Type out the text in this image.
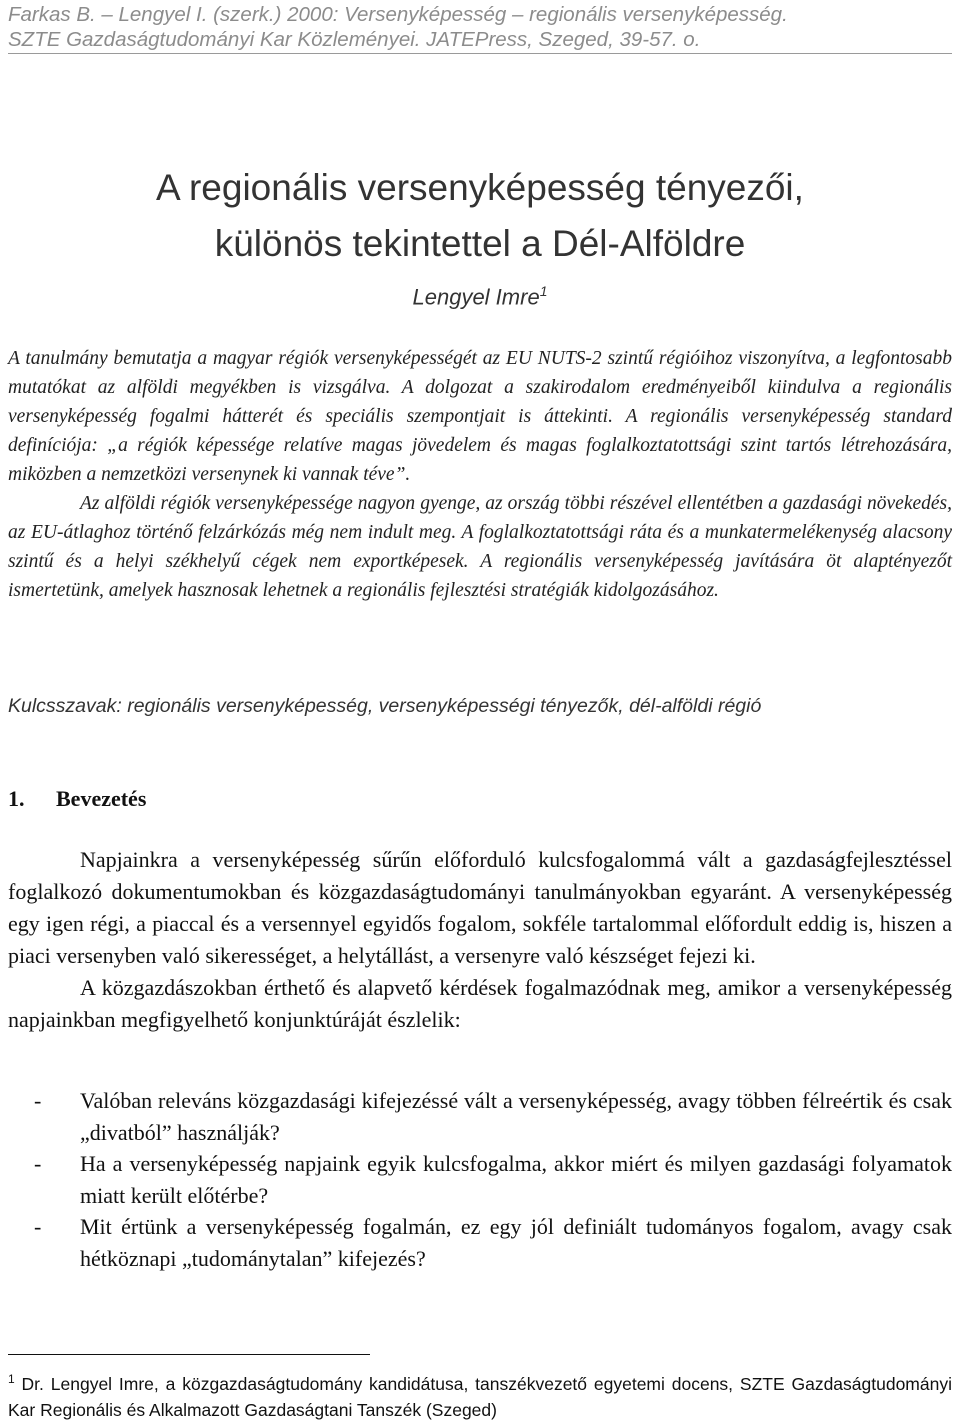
Farkas B. – Lengyel I. (szerk.) 2000: Versenyképesség – regionális versenyképesség.
SZTE Gazdaságtudományi Kar Közleményei. JATEPress, Szeged, 39-57. o.
A regionális versenyképesség tényezői,
különös tekintettel a Dél-Alföldre
Lengyel Imre$^1$

A tanulmány bemutatja a magyar régiók versenyképességét az EU NUTS-2 szintű régióihoz viszonyítva, a legfontosabb mutatókat az alföldi megyékben is vizsgálva. A dolgozat a szakirodalom eredményeiből kiindulva a regionális versenyképesség fogalmi hátterét és speciális szempontjait is áttekinti. A regionális versenyképesség standard definíciója: „a régiók képessége relatíve magas jövedelem és magas foglalkoztatottsági szint tartós létrehozására, miközben a nemzetközi versenynek ki vannak téve”.

Az alföldi régiók versenyképessége nagyon gyenge, az ország többi részével ellentétben a gazdasági növekedés, az EU-átlaghoz történő felzárkózás még nem indult meg. A foglalkoztatottsági ráta és a munkatermelékenység alacsony szintű és a helyi székhelyű cégek nem exportképesek. A regionális versenyképesség javítására öt alaptényezőt ismertetünk, amelyek hasznosak lehetnek a regionális fejlesztési stratégiák kidolgozásához.

Kulcsszavak: regionális versenyképesség, versenyképességi tényezők, dél-alföldi régió
1. Bevezetés

Napjainkra a versenyképesség sűrűn előforduló kulcsfogalommá vált a gazdaságfejlesztéssel foglalkozó dokumentumokban és közgazdaságtudományi tanulmányokban egyaránt. A versenyképesség egy igen régi, a piaccal és a versennyel egyidős fogalom, sokféle tartalommal előfordult eddig is, hiszen a piaci versenyben való sikerességet, a helytállást, a versenyre való készséget fejezi ki.

A közgazdászokban érthető és alapvető kérdések fogalmazódnak meg, amikor a versenyképesség napjainkban megfigyelhető konjunktúráját észlelik:

- Valóban releváns közgazdasági kifejezéssé vált a versenyképesség, avagy többen félreértik és csak „divatból” használják?
- Ha a versenyképesség napjaink egyik kulcsfogalma, akkor miért és milyen gazdasági folyamatok miatt került előtérbe?
- Mit értünk a versenyképesség fogalmán, ez egy jól definiált tudományos fogalom, avagy csak hétköznapi „tudománytalan” kifejezés?
$^1$ Dr. Lengyel Imre, a közgazdaságtudomány kandidátusa, tanszékvezető egyetemi docens, SZTE Gazdaságtudományi Kar Regionális és Alkalmazott Gazdaságtani Tanszék (Szeged)
